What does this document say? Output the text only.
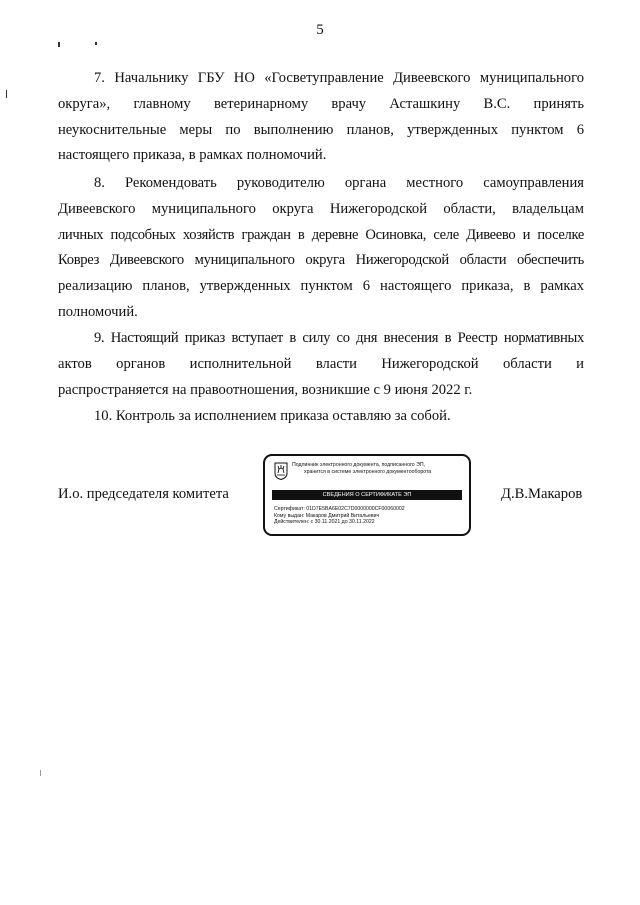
5
7. Начальнику ГБУ НО «Госветуправление Дивеевского муниципального
округа», главному ветеринарному врачу Асташкину В.С. принять
неукоснительные меры по выполнению планов, утвержденных пунктом 6
настоящего приказа, в рамках полномочий.
8. Рекомендовать руководителю органа местного самоуправления
Дивеевского муниципального округа Нижегородской области, владельцам
личных подсобных хозяйств граждан в деревне Осиновка, селе Дивеево и поселке
Коврез Дивеевского муниципального округа Нижегородской области обеспечить
реализацию планов, утвержденных пунктом 6 настоящего приказа, в рамках
полномочий.
9. Настоящий приказ вступает в силу со дня внесения в Реестр нормативных
актов органов исполнительной власти Нижегородской области и
распространяется на правоотношения, возникшие с 9 июня 2022 г.
10. Контроль за исполнением приказа оставляю за собой.
И.о. председателя комитета	Д.В.Макаров
Подлинник электронного документа, подписанного ЭП,
хранится в системе электронного документооборота
СВЕДЕНИЯ О СЕРТИФИКАТЕ ЭП
Сертификат: 01D7E5BA6E02C7D0000000CF00060002
Кому выдан: Макаров Дмитрий Витальевич
Действителен: с 30.11.2021 до 30.11.2022
